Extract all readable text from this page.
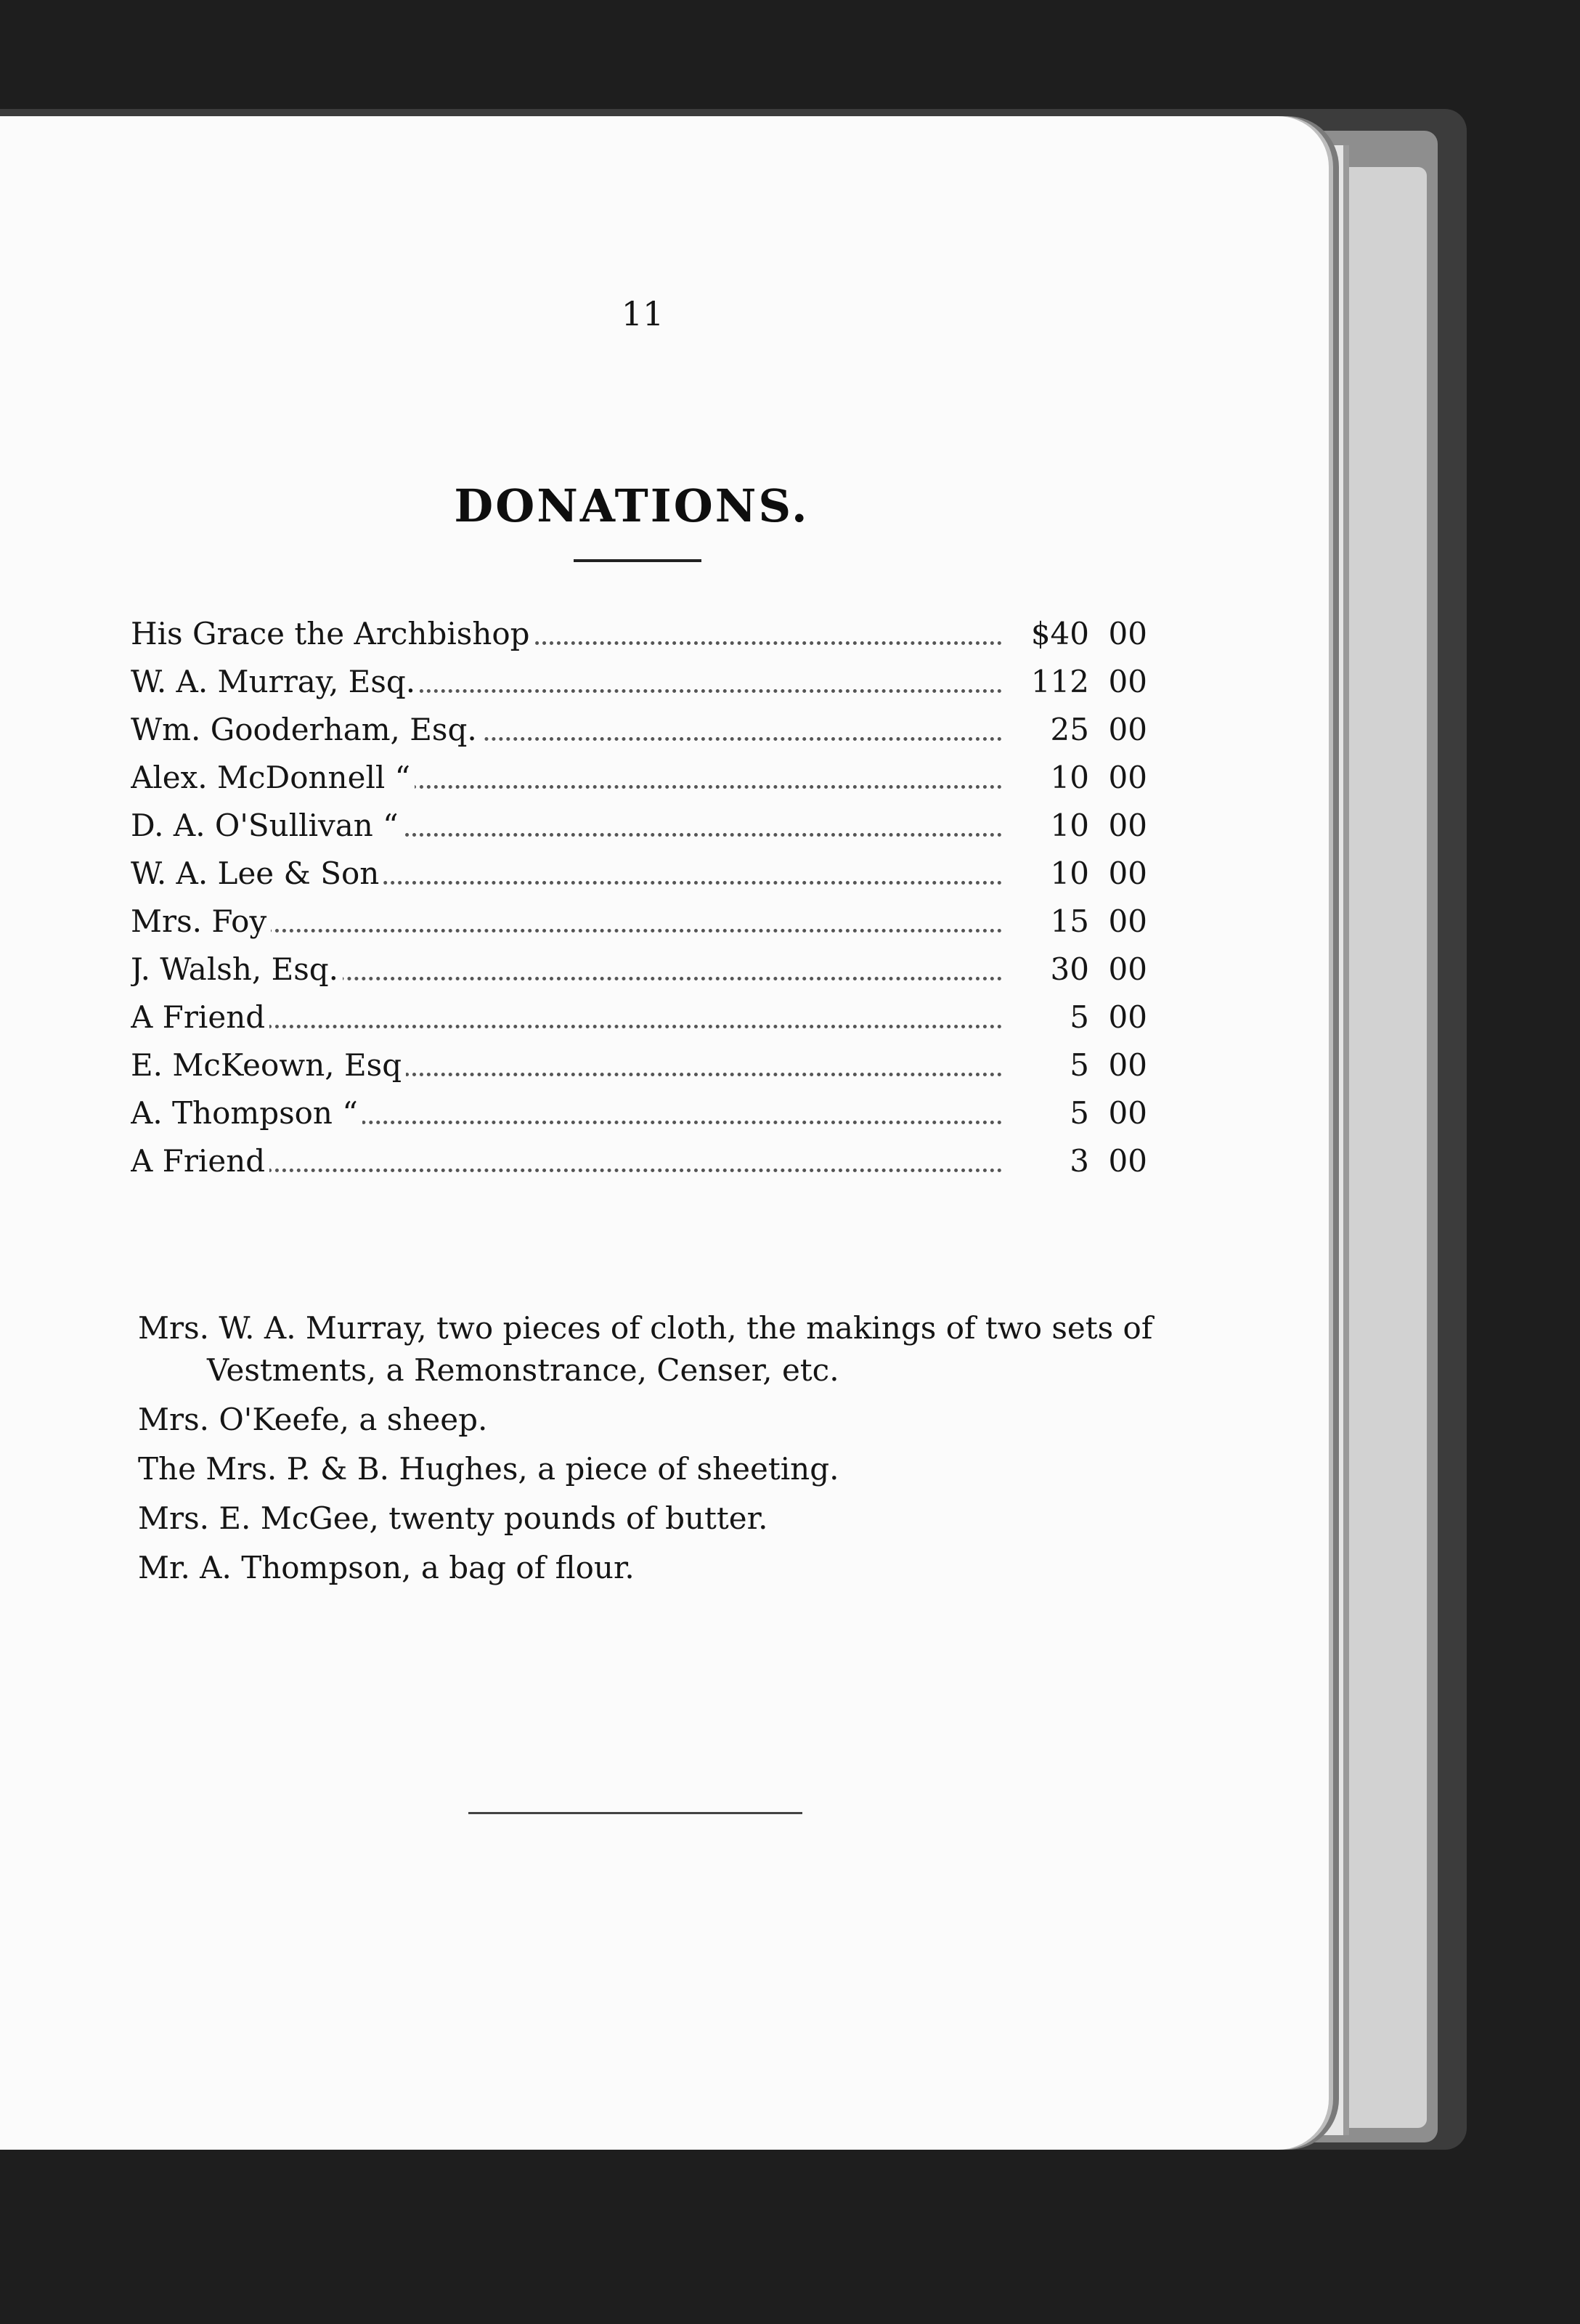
11
DONATIONS.
His Grace the Archbishop	$40 00
W. A. Murray, Esq.	112 00
Wm. Gooderham, Esq.	25 00
Alex. McDonnell “	10 00
D. A. O'Sullivan “	10 00
W. A. Lee & Son	10 00
Mrs. Foy	15 00
J. Walsh, Esq.	30 00
A Friend	5 00
E. McKeown, Esq	5 00
A. Thompson “	5 00
A Friend	3 00
Mrs. W. A. Murray, two pieces of cloth, the makings of two sets of Vestments, a Remonstrance, Censer, etc.
Mrs. O'Keefe, a sheep.
The Mrs. P. & B. Hughes, a piece of sheeting.
Mrs. E. McGee, twenty pounds of butter.
Mr. A. Thompson, a bag of flour.
